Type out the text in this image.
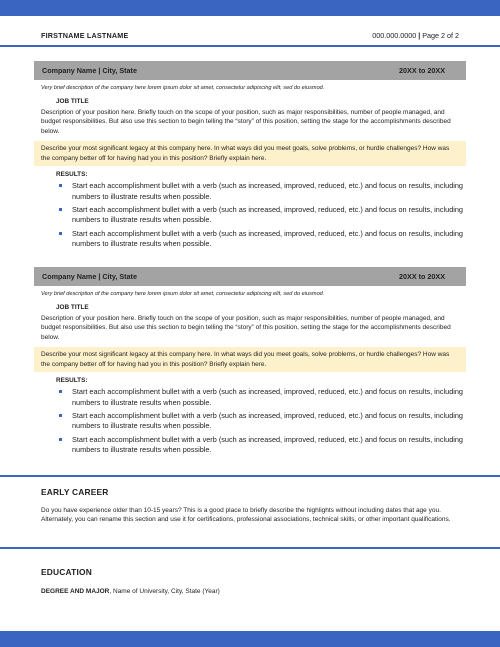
FIRSTNAME LASTNAME	000.000.0000 | Page 2 of 2
Company Name | City, State	20XX to 20XX
Very brief description of the company here lorem ipsum dolor sit amet, consectetur adipiscing elit, sed do eiusmod.
JOB TITLE
Description of your position here. Briefly touch on the scope of your position, such as major responsibilities, number of people managed, and budget responsibilities. But also use this section to begin telling the “story” of this position, setting the stage for the accomplishments described below.
Describe your most significant legacy at this company here. In what ways did you meet goals, solve problems, or hurdle challenges? How was the company better off for having had you in this position? Briefly explain here.
RESULTS:
Start each accomplishment bullet with a verb (such as increased, improved, reduced, etc.) and focus on results, including numbers to illustrate results when possible.
Start each accomplishment bullet with a verb (such as increased, improved, reduced, etc.) and focus on results, including numbers to illustrate results when possible.
Start each accomplishment bullet with a verb (such as increased, improved, reduced, etc.) and focus on results, including numbers to illustrate results when possible.
Company Name | City, State	20XX to 20XX
Very brief description of the company here lorem ipsum dolor sit amet, consectetur adipiscing elit, sed do eiusmod.
JOB TITLE
Description of your position here. Briefly touch on the scope of your position, such as major responsibilities, number of people managed, and budget responsibilities. But also use this section to begin telling the “story” of this position, setting the stage for the accomplishments described below.
Describe your most significant legacy at this company here. In what ways did you meet goals, solve problems, or hurdle challenges? How was the company better off for having had you in this position? Briefly explain here.
RESULTS:
Start each accomplishment bullet with a verb (such as increased, improved, reduced, etc.) and focus on results, including numbers to illustrate results when possible.
Start each accomplishment bullet with a verb (such as increased, improved, reduced, etc.) and focus on results, including numbers to illustrate results when possible.
Start each accomplishment bullet with a verb (such as increased, improved, reduced, etc.) and focus on results, including numbers to illustrate results when possible.
EARLY CAREER
Do you have experience older than 10-15 years? This is a good place to briefly describe the highlights without including dates that age you. Alternately, you can rename this section and use it for certifications, professional associations, technical skills, or other important qualifications.
EDUCATION
DEGREE AND MAJOR, Name of University, City, State (Year)
